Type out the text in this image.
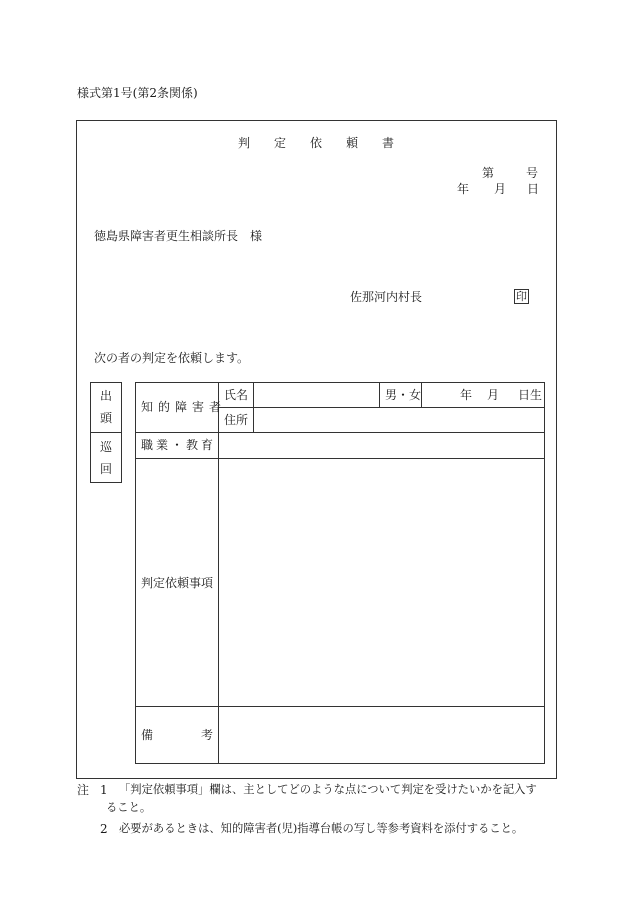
様式第1号(第2条関係)
判 定 依 頼 書
第	号
年 月 日
徳島県障害者更生相談所長　様
佐那河内村長	印
次の者の判定を依頼します。
出
頭
巡
回
知的障害者
氏名	男・女	年 月 日生
住所
職業・教育
判定依頼事項
備	考
注 1 「判定依頼事項」欄は、主としてどのような点について判定を受けたいかを記入す
ること。
2 必要があるときは、知的障害者(児)指導台帳の写し等参考資料を添付すること。
